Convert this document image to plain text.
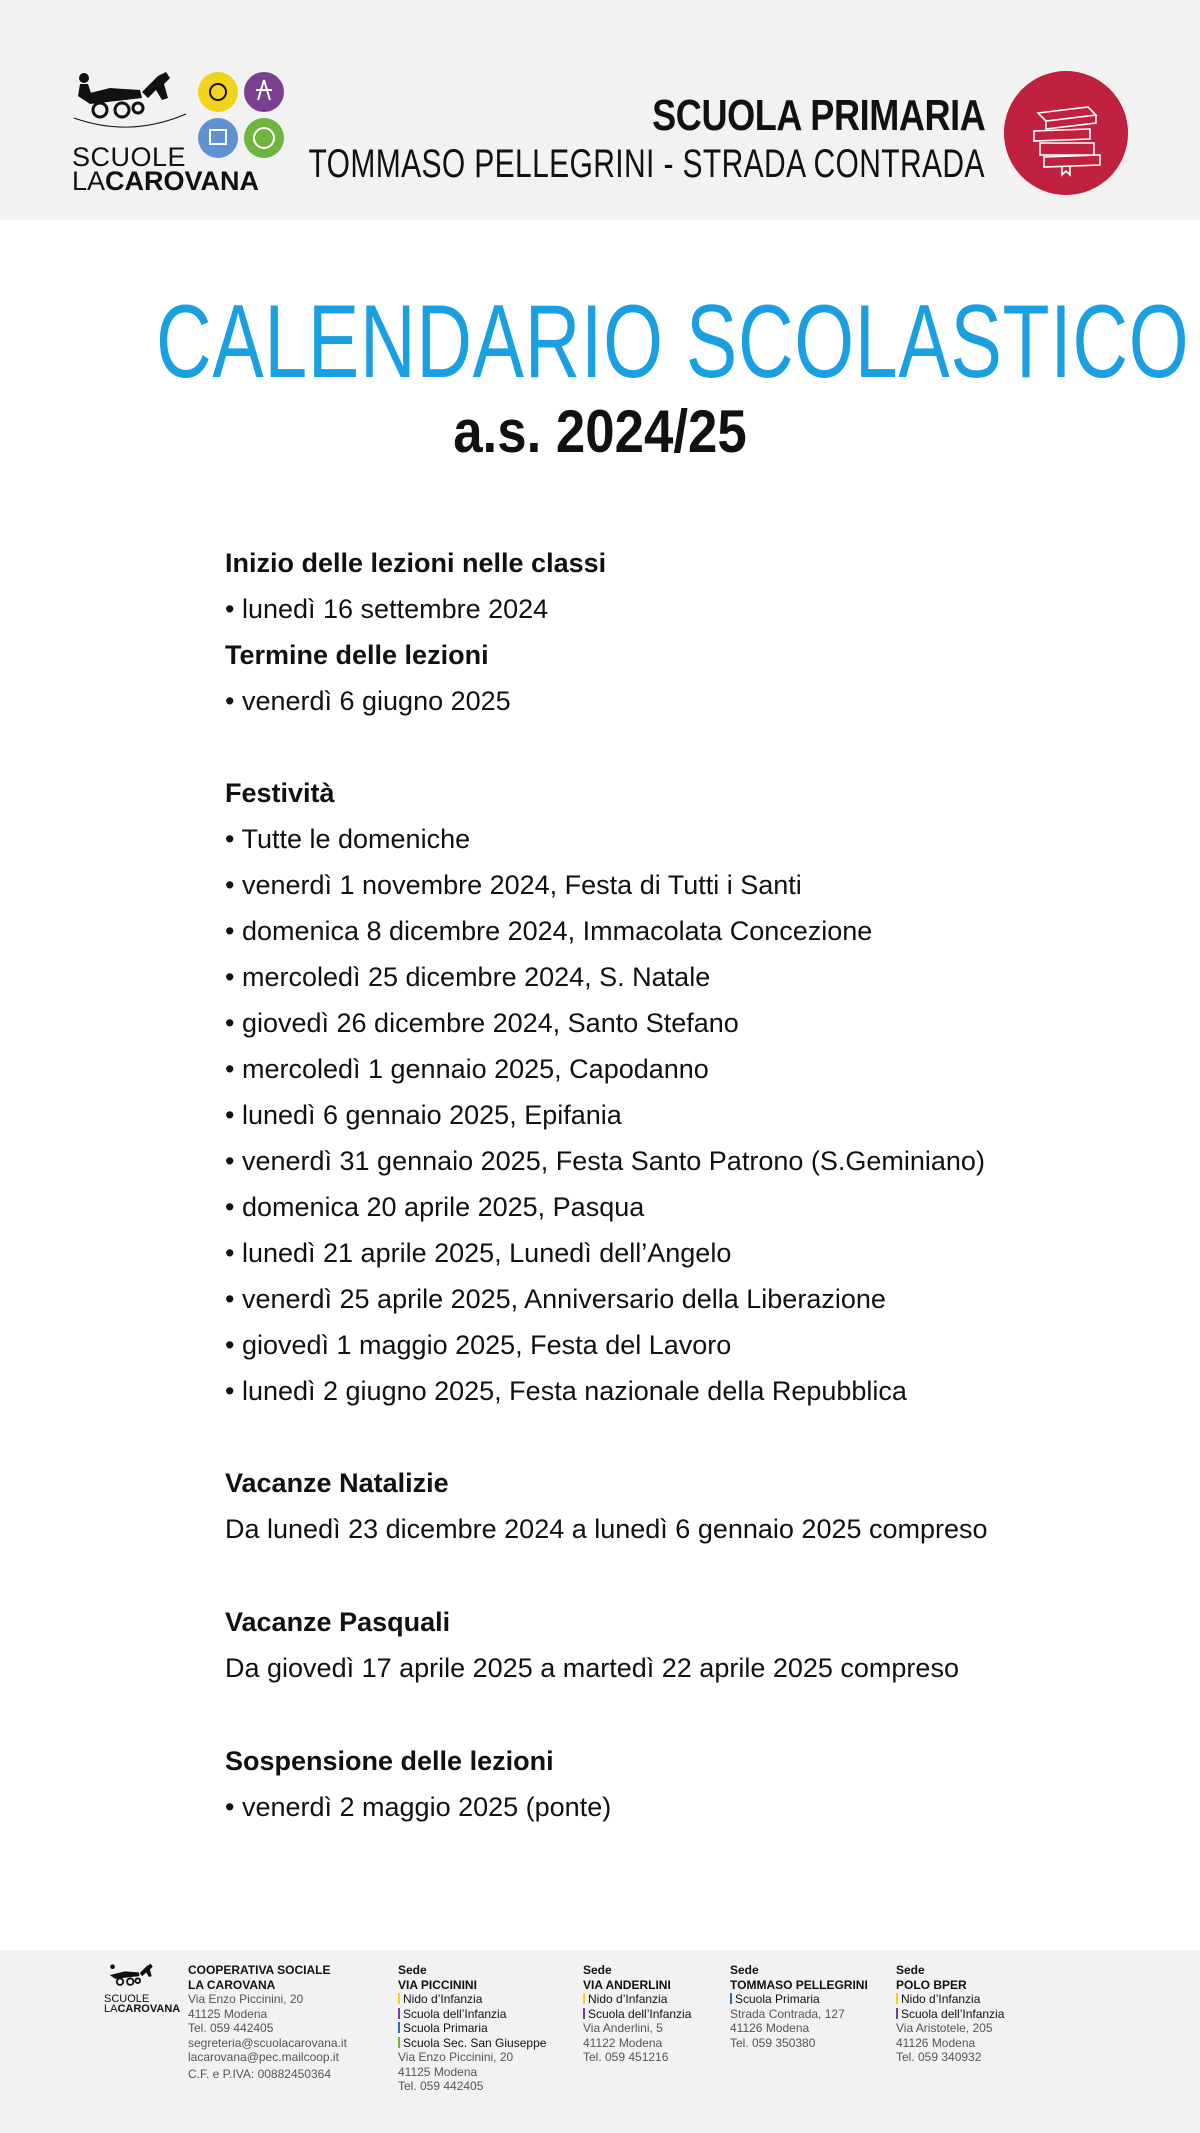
SCUOLE
LACAROVANA
SCUOLA PRIMARIA
TOMMASO PELLEGRINI - STRADA CONTRADA
CALENDARIO SCOLASTICO
a.s. 2024/25
Inizio delle lezioni nelle classi
• lunedì 16 settembre 2024
Termine delle lezioni
• venerdì 6 giugno 2025
Festività
• Tutte le domeniche
• venerdì 1 novembre 2024, Festa di Tutti i Santi
• domenica 8 dicembre 2024, Immacolata Concezione
• mercoledì 25 dicembre 2024, S. Natale
• giovedì 26 dicembre 2024, Santo Stefano
• mercoledì 1 gennaio 2025, Capodanno
• lunedì 6 gennaio 2025, Epifania
• venerdì 31 gennaio 2025, Festa Santo Patrono (S.Geminiano)
• domenica 20 aprile 2025, Pasqua
• lunedì 21 aprile 2025, Lunedì dell’Angelo
• venerdì 25 aprile 2025, Anniversario della Liberazione
• giovedì 1 maggio 2025, Festa del Lavoro
• lunedì 2 giugno 2025, Festa nazionale della Repubblica
Vacanze Natalizie
Da lunedì 23 dicembre 2024 a lunedì 6 gennaio 2025 compreso
Vacanze Pasquali
Da giovedì 17 aprile 2025 a martedì 22 aprile 2025 compreso
Sospensione delle lezioni
• venerdì 2 maggio 2025 (ponte)
SCUOLE
LACAROVANA
COOPERATIVA SOCIALE
LA CAROVANA
Via Enzo Piccinini, 20
41125 Modena
Tel. 059 442405
segreteria@scuolacarovana.it
lacarovana@pec.mailcoop.it
C.F. e P.IVA: 00882450364
Sede
VIA PICCININI
Nido d’Infanzia
Scuola dell’Infanzia
Scuola Primaria
Scuola Sec. San Giuseppe
Via Enzo Piccinini, 20
41125 Modena
Tel. 059 442405
Sede
VIA ANDERLINI
Nido d’Infanzia
Scuola dell’Infanzia
Via Anderlini, 5
41122 Modena
Tel. 059 451216
Sede
TOMMASO PELLEGRINI
Scuola Primaria
Strada Contrada, 127
41126 Modena
Tel. 059 350380
Sede
POLO BPER
Nido d’Infanzia
Scuola dell’Infanzia
Via Aristotele, 205
41126 Modena
Tel. 059 340932
